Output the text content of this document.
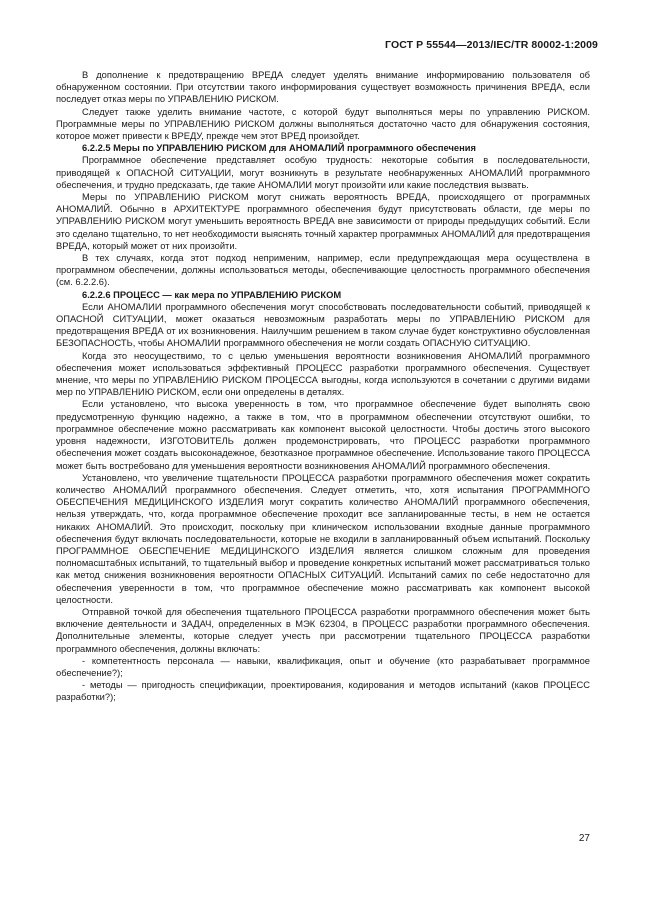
ГОСТ Р 55544—2013/IEC/TR 80002-1:2009

В дополнение к предотвращению ВРЕДА следует уделять внимание информированию пользователя об обнаруженном состоянии. При отсутствии такого информирования существует возможность причинения ВРЕДА, если последует отказ меры по УПРАВЛЕНИЮ РИСКОМ.

Следует также уделить внимание частоте, с которой будут выполняться меры по управлению РИСКОМ. Программные меры по УПРАВЛЕНИЮ РИСКОМ должны выполняться достаточно часто для обнаружения состояния, которое может привести к ВРЕДУ, прежде чем этот ВРЕД произойдет.

6.2.2.5 Меры по УПРАВЛЕНИЮ РИСКОМ для АНОМАЛИЙ программного обеспечения

Программное обеспечение представляет особую трудность: некоторые события в последовательности, приводящей к ОПАСНОЙ СИТУАЦИИ, могут возникнуть в результате необнаруженных АНОМАЛИЙ программного обеспечения, и трудно предсказать, где такие АНОМАЛИИ могут произойти или какие последствия вызвать.

Меры по УПРАВЛЕНИЮ РИСКОМ могут снижать вероятность ВРЕДА, происходящего от программных АНОМАЛИЙ. Обычно в АРХИТЕКТУРЕ программного обеспечения будут присутствовать области, где меры по УПРАВЛЕНИЮ РИСКОМ могут уменьшить вероятность ВРЕДА вне зависимости от природы предыдущих событий. Если это сделано тщательно, то нет необходимости выяснять точный характер программных АНОМАЛИЙ для предотвращения ВРЕДА, который может от них произойти.

В тех случаях, когда этот подход неприменим, например, если предупреждающая мера осуществлена в программном обеспечении, должны использоваться методы, обеспечивающие целостность программного обеспечения (см. 6.2.2.6).

6.2.2.6 ПРОЦЕСС — как мера по УПРАВЛЕНИЮ РИСКОМ

Если АНОМАЛИИ программного обеспечения могут способствовать последовательности событий, приводящей к ОПАСНОЙ СИТУАЦИИ, может оказаться невозможным разработать меры по УПРАВЛЕНИЮ РИСКОМ для предотвращения ВРЕДА от их возникновения. Наилучшим решением в таком случае будет конструктивно обусловленная БЕЗОПАСНОСТЬ, чтобы АНОМАЛИИ программного обеспечения не могли создать ОПАСНУЮ СИТУАЦИЮ.

Когда это неосуществимо, то с целью уменьшения вероятности возникновения АНОМАЛИЙ программного обеспечения может использоваться эффективный ПРОЦЕСС разработки программного обеспечения. Существует мнение, что меры по УПРАВЛЕНИЮ РИСКОМ ПРОЦЕССА выгодны, когда используются в сочетании с другими видами мер по УПРАВЛЕНИЮ РИСКОМ, если они определены в деталях.

Если установлено, что высока уверенность в том, что программное обеспечение будет выполнять свою предусмотренную функцию надежно, а также в том, что в программном обеспечении отсутствуют ошибки, то программное обеспечение можно рассматривать как компонент высокой целостности. Чтобы достичь этого высокого уровня надежности, ИЗГОТОВИТЕЛЬ должен продемонстрировать, что ПРОЦЕСС разработки программного обеспечения может создать высоконадежное, безотказное программное обеспечение. Использование такого ПРОЦЕССА может быть востребовано для уменьшения вероятности возникновения АНОМАЛИЙ программного обеспечения.

Установлено, что увеличение тщательности ПРОЦЕССА разработки программного обеспечения может сократить количество АНОМАЛИЙ программного обеспечения. Следует отметить, что, хотя испытания ПРОГРАММНОГО ОБЕСПЕЧЕНИЯ МЕДИЦИНСКОГО ИЗДЕЛИЯ могут сократить количество АНОМАЛИЙ программного обеспечения, нельзя утверждать, что, когда программное обеспечение проходит все запланированные тесты, в нем не остается никаких АНОМАЛИЙ. Это происходит, поскольку при клиническом использовании входные данные программного обеспечения будут включать последовательности, которые не входили в запланированный объем испытаний. Поскольку ПРОГРАММНОЕ ОБЕСПЕЧЕНИЕ МЕДИЦИНСКОГО ИЗДЕЛИЯ является слишком сложным для проведения полномасштабных испытаний, то тщательный выбор и проведение конкретных испытаний может рассматриваться только как метод снижения возникновения вероятности ОПАСНЫХ СИТУАЦИЙ. Испытаний самих по себе недостаточно для обеспечения уверенности в том, что программное обеспечение можно рассматривать как компонент высокой целостности.

Отправной точкой для обеспечения тщательного ПРОЦЕССА разработки программного обеспечения может быть включение деятельности и ЗАДАЧ, определенных в МЭК 62304, в ПРОЦЕСС разработки программного обеспечения. Дополнительные элементы, которые следует учесть при рассмотрении тщательного ПРОЦЕССА разработки программного обеспечения, должны включать:

- компетентность персонала — навыки, квалификация, опыт и обучение (кто разрабатывает программное обеспечение?);

- методы — пригодность спецификации, проектирования, кодирования и методов испытаний (каков ПРОЦЕСС разработки?);

27
